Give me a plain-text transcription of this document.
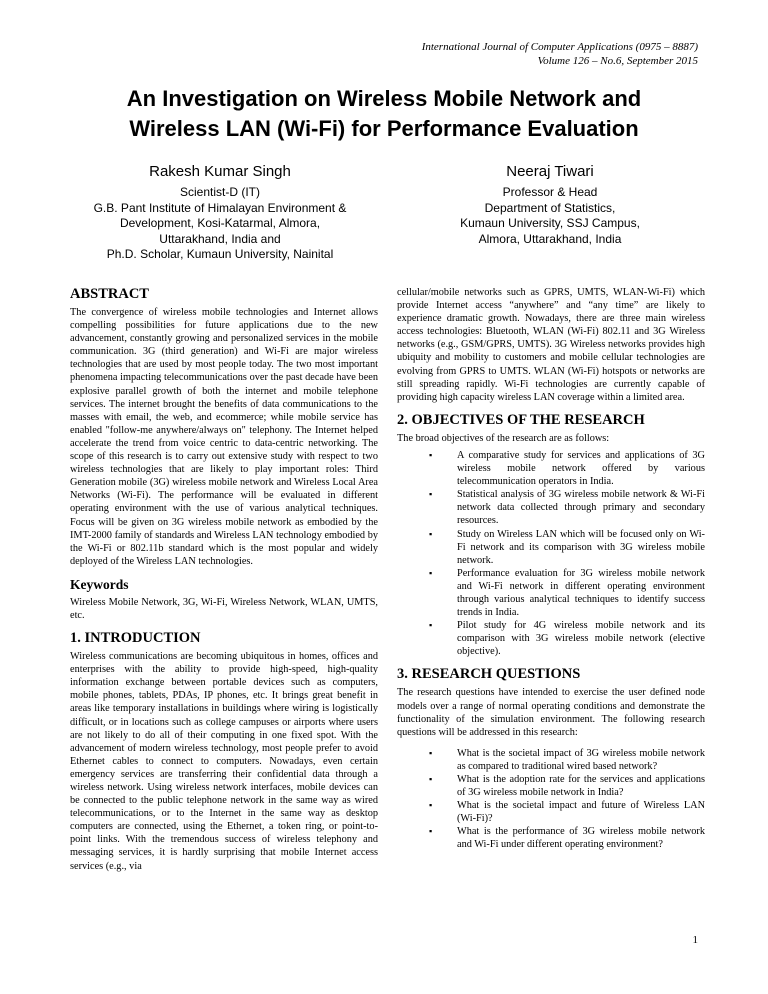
International Journal of Computer Applications (0975 – 8887)
Volume 126 – No.6, September 2015
An Investigation on Wireless Mobile Network and
Wireless LAN (Wi-Fi) for Performance Evaluation
Rakesh Kumar Singh
Scientist-D (IT)
G.B. Pant Institute of Himalayan Environment &
Development, Kosi-Katarmal, Almora,
Uttarakhand, India and
Ph.D. Scholar, Kumaun University, Nainital
Neeraj Tiwari
Professor & Head
Department of Statistics,
Kumaun University, SSJ Campus,
Almora, Uttarakhand, India
ABSTRACT

The convergence of wireless mobile technologies and Internet allows compelling possibilities for future applications due to the new advancement, constantly growing and personalized services in the mobile communication. 3G (third generation) and Wi-Fi are major wireless technologies that are used by most people today. The two most important phenomena impacting telecommunications over the past decade have been explosive parallel growth of both the internet and mobile telephone services. The internet brought the benefits of data communications to the masses with email, the web, and ecommerce; while mobile service has enabled "follow-me anywhere/always on" telephony. The Internet helped accelerate the trend from voice centric to data-centric networking. The scope of this research is to carry out extensive study with respect to two wireless technologies that are likely to play important roles: Third Generation mobile (3G) wireless mobile network and Wireless Local Area Networks (Wi-Fi). The performance will be evaluated in different operating environment with the use of various analytical techniques. Focus will be given on 3G wireless mobile network as embodied by the IMT-2000 family of standards and Wireless LAN technology embodied by the Wi-Fi or 802.11b standard which is the most popular and widely deployed of the Wireless LAN technologies.

Keywords

Wireless Mobile Network, 3G, Wi-Fi, Wireless Network, WLAN, UMTS, etc.

1. INTRODUCTION

Wireless communications are becoming ubiquitous in homes, offices and enterprises with the ability to provide high-speed, high-quality information exchange between portable devices such as computers, mobile phones, tablets, PDAs, IP phones, etc. It brings great benefit in areas like temporary installations in buildings where wiring is logistically difficult, or in locations such as college campuses or airports where users are not likely to do all of their computing in one fixed spot. With the advancement of modern wireless technology, most people prefer to avoid Ethernet cables to connect to computers. Nowadays, even certain emergency services are transferring their confidential data through a wireless network. Using wireless network interfaces, mobile devices can be connected to the public telephone network in the same way as wired telecommunications, or to the Internet in the same way as desktop computers are connected, using the Ethernet, a token ring, or point-to-point links. With the tremendous success of wireless telephony and messaging services, it is hardly surprising that mobile Internet access services (e.g., via

cellular/mobile networks such as GPRS, UMTS, WLAN-Wi-Fi) which provide Internet access “anywhere” and “any time” are likely to experience dramatic growth. Nowadays, there are three main wireless access technologies: Bluetooth, WLAN (Wi-Fi) 802.11 and 3G Wireless networks (e.g., GSM/GPRS, UMTS). 3G Wireless networks provides high ubiquity and mobility to customers and mobile cellular technologies are evolving from GPRS to UMTS. WLAN (Wi-Fi) hotspots or networks are still spreading rapidly. Wi-Fi technologies are currently capable of providing high capacity wireless LAN coverage within a limited area.

2. OBJECTIVES OF THE RESEARCH

The broad objectives of the research are as follows:

▪ A comparative study for services and applications of 3G wireless mobile network offered by various telecommunication operators in India.
▪ Statistical analysis of 3G wireless mobile network & Wi-Fi network data collected through primary and secondary resources.
▪ Study on Wireless LAN which will be focused only on Wi-Fi network and its comparison with 3G wireless mobile network.
▪ Performance evaluation for 3G wireless mobile network and Wi-Fi network in different operating environment through various analytical techniques to identify success trends in India.
▪ Pilot study for 4G wireless mobile network and its comparison with 3G wireless mobile network (elective objective).
3. RESEARCH QUESTIONS

The research questions have intended to exercise the user defined node models over a range of normal operating conditions and demonstrate the functionality of the simulation environment. The following research questions will be addressed in this research:

▪ What is the societal impact of 3G wireless mobile network as compared to traditional wired based network?
▪ What is the adoption rate for the services and applications of 3G wireless mobile network in India?
▪ What is the societal impact and future of Wireless LAN (Wi-Fi)?
▪ What is the performance of 3G wireless mobile network and Wi-Fi under different operating environment?
1
